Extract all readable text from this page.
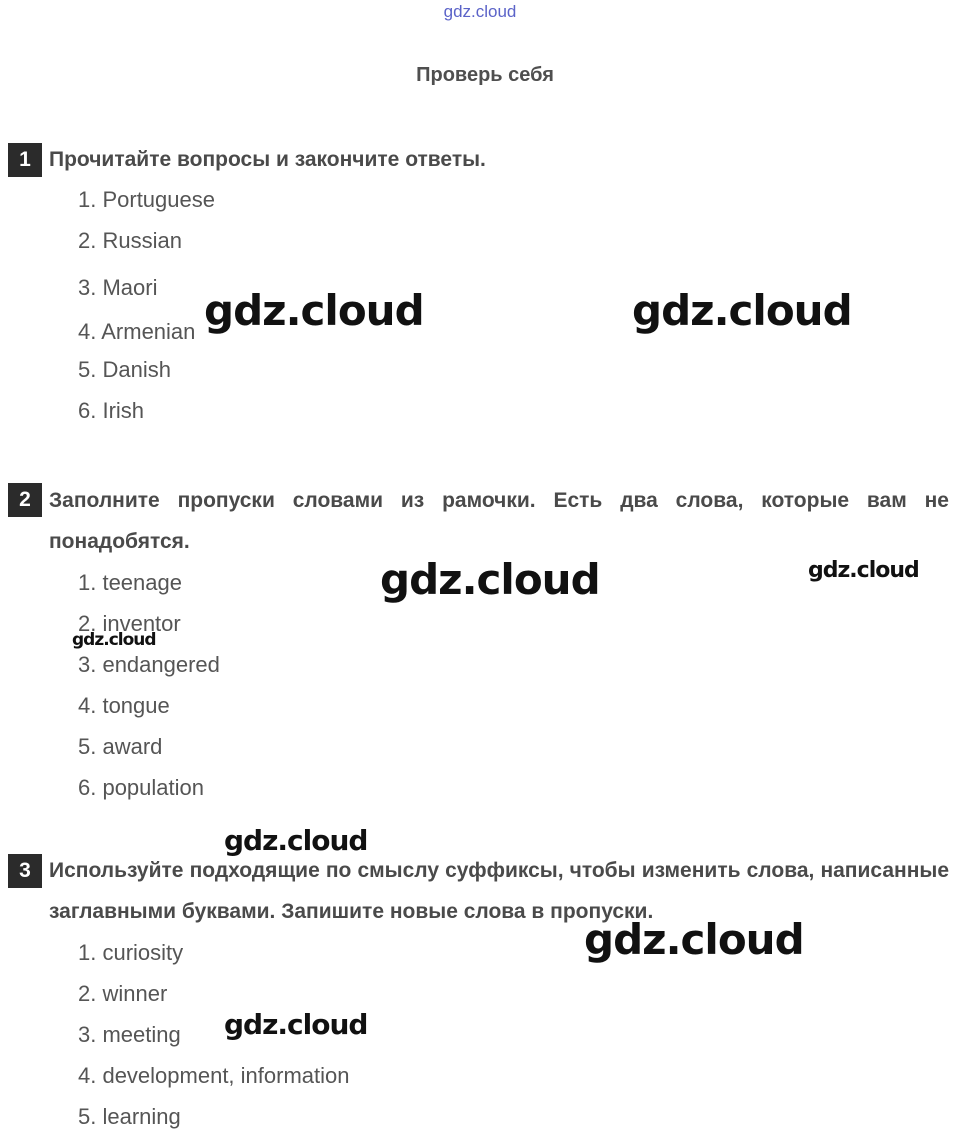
gdz.cloud
Проверь себя
1 Прочитайте вопросы и закончите ответы.
1. Portuguese
2. Russian
3. Maori
4. Armenian
5. Danish
6. Irish
2 Заполните пропуски словами из рамочки. Есть два слова, которые вам не понадобятся.
1. teenage
2. inventor
3. endangered
4. tongue
5. award
6. population
3 Используйте подходящие по смыслу суффиксы, чтобы изменить слова, написанные заглавными буквами. Запишите новые слова в пропуски.
1. curiosity
2. winner
3. meeting
4. development, information
5. learning
gdz.cloud	gdz.cloud
gdz.cloud	gdz.cloud
gdz.cloud
gdz.cloud
gdz.cloud
gdz.cloud
